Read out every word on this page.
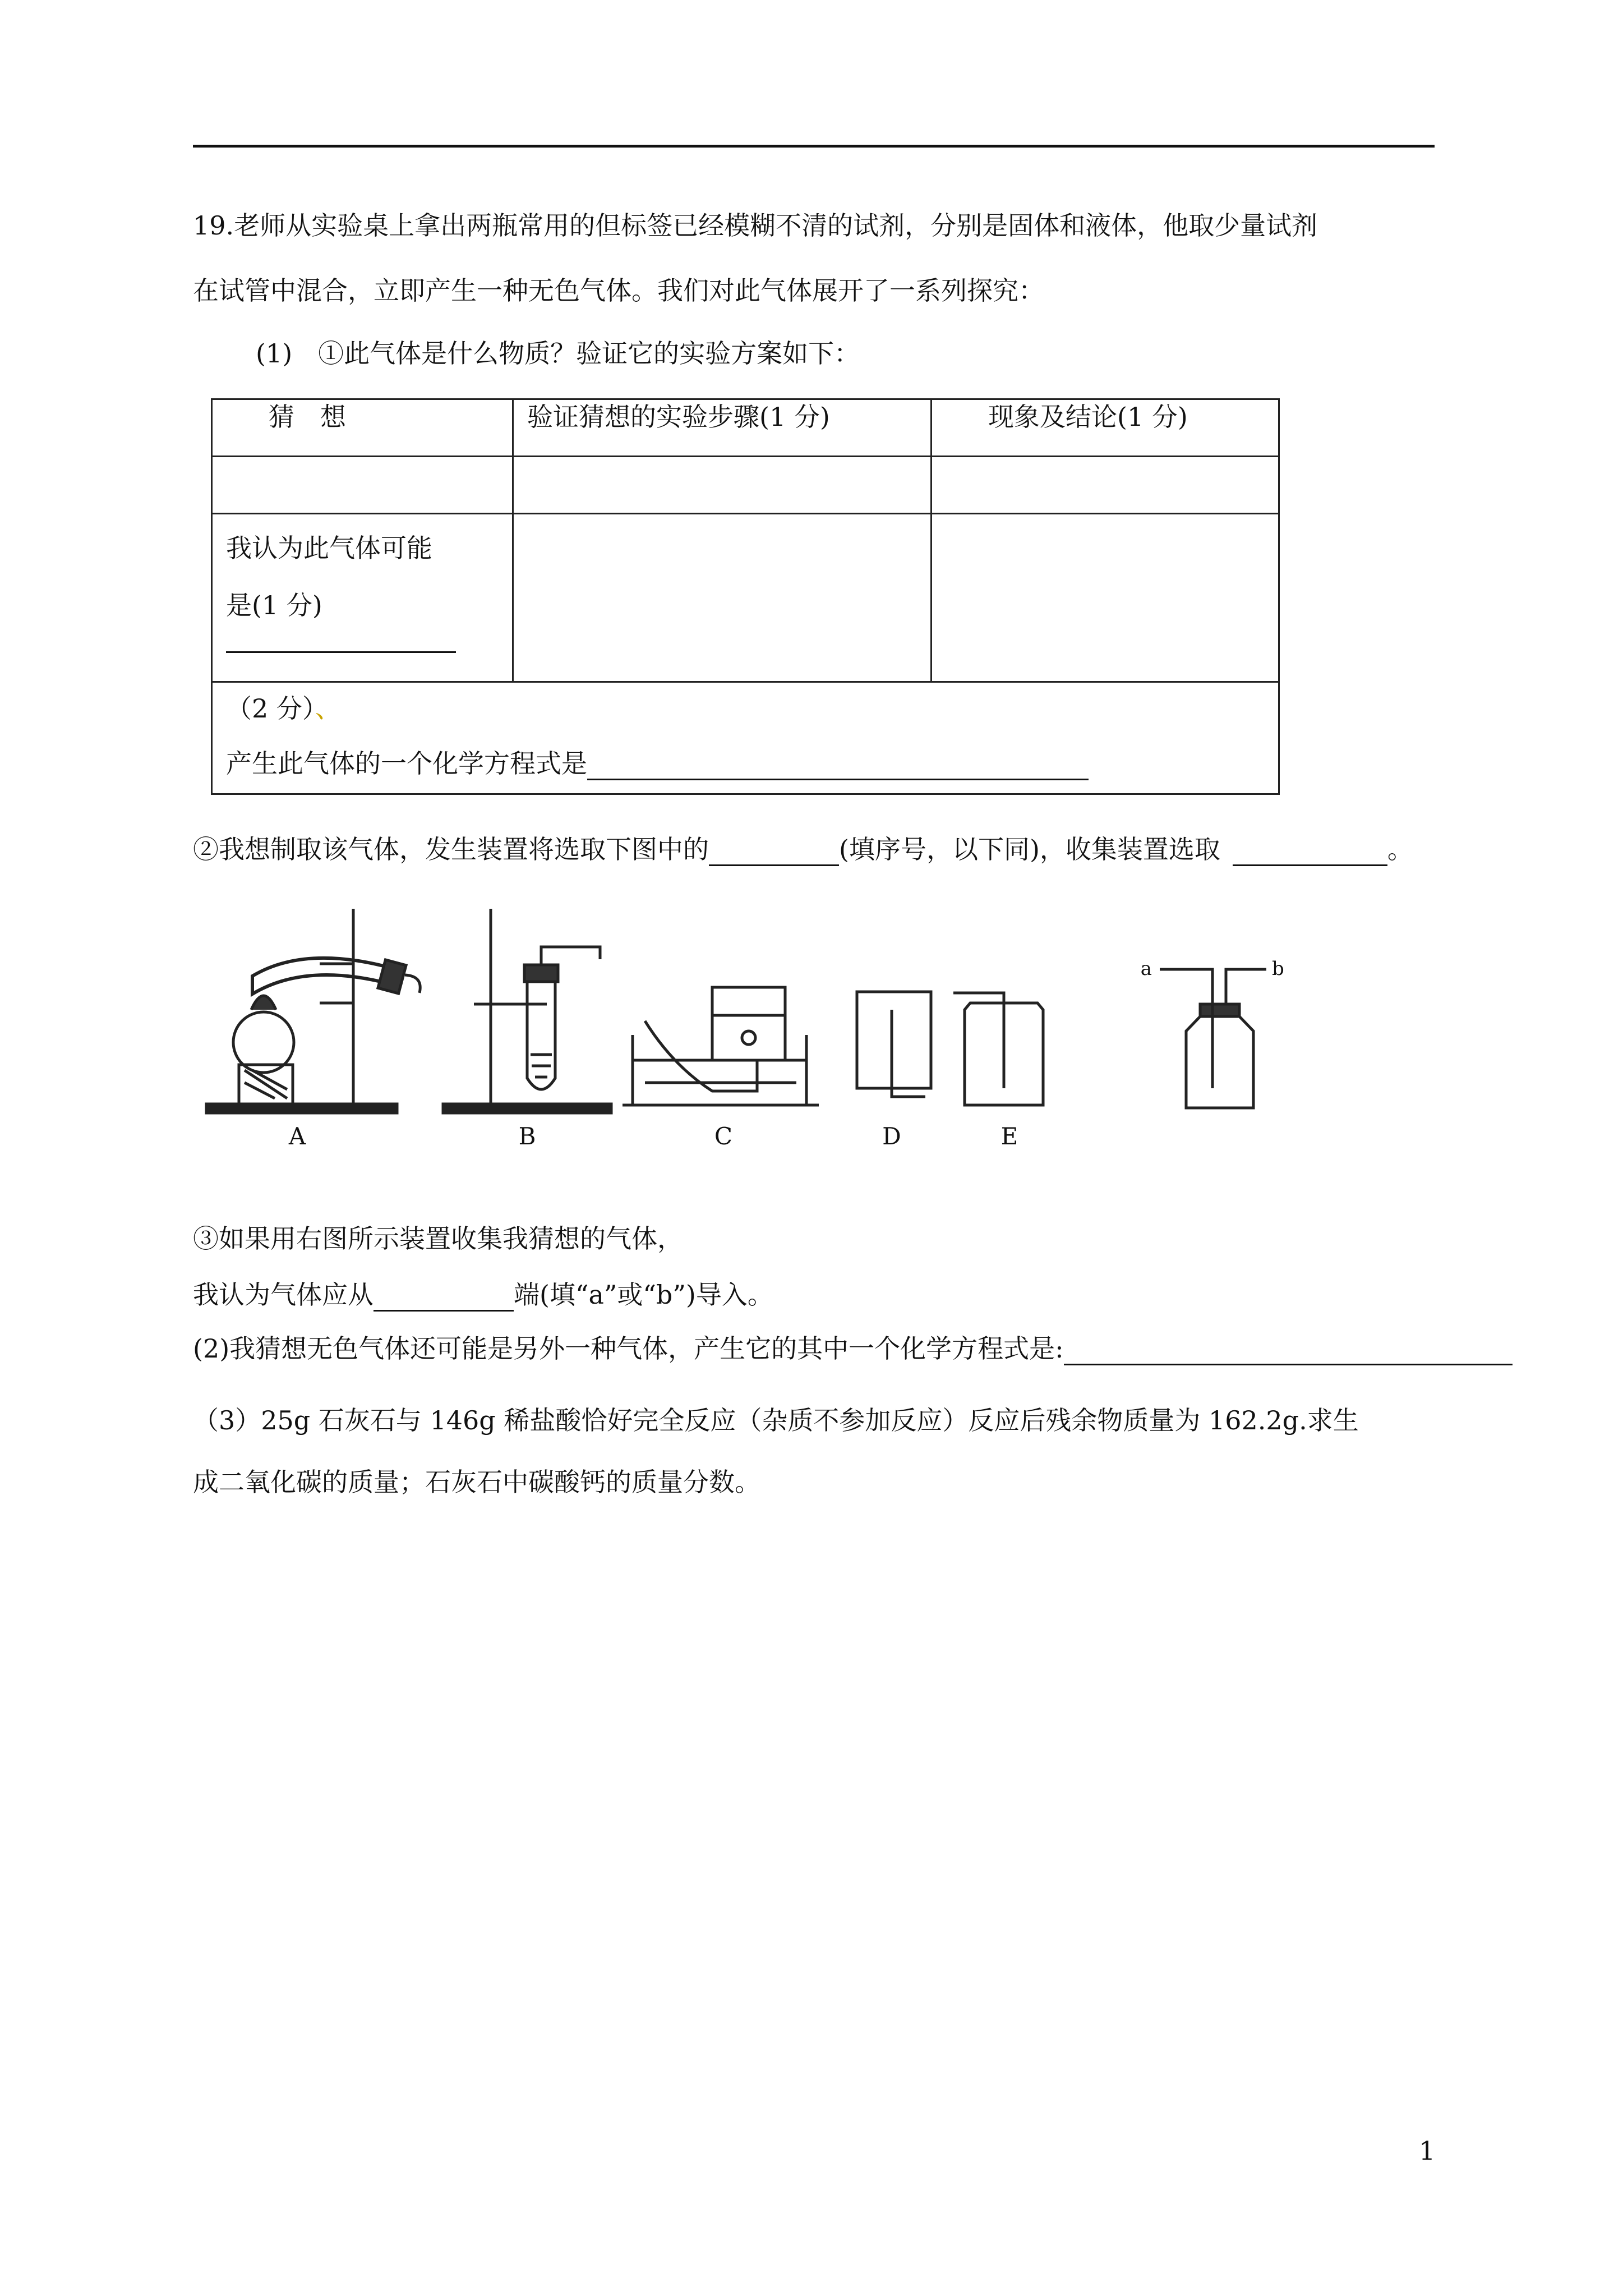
19.老师从实验桌上拿出两瓶常用的但标签已经模糊不清的试剂，分别是固体和液体，他取少量试剂
在试管中混合，立即产生一种无色气体。我们对此气体展开了一系列探究：
(1)　①此气体是什么物质？验证它的实验方案如下：
猜　想	验证猜想的实验步骤(1 分)	现象及结论(1 分)

我认为此气体可能
是(1 分)		

（2 分）、
产生此气体的一个化学方程式是		
②我想制取该气体，发生装置将选取下图中的	(填序号，以下同)，收集装置选取	。
A	B	C	D	E
a	b
③如果用右图所示装置收集我猜想的气体，
我认为气体应从	端(填“a”或“b”)导入。
(2)我猜想无色气体还可能是另外一种气体，产生它的其中一个化学方程式是:
（3）25g 石灰石与 146g 稀盐酸恰好完全反应（杂质不参加反应）反应后残余物质量为 162.2g.求生
成二氧化碳的质量；石灰石中碳酸钙的质量分数。
1
